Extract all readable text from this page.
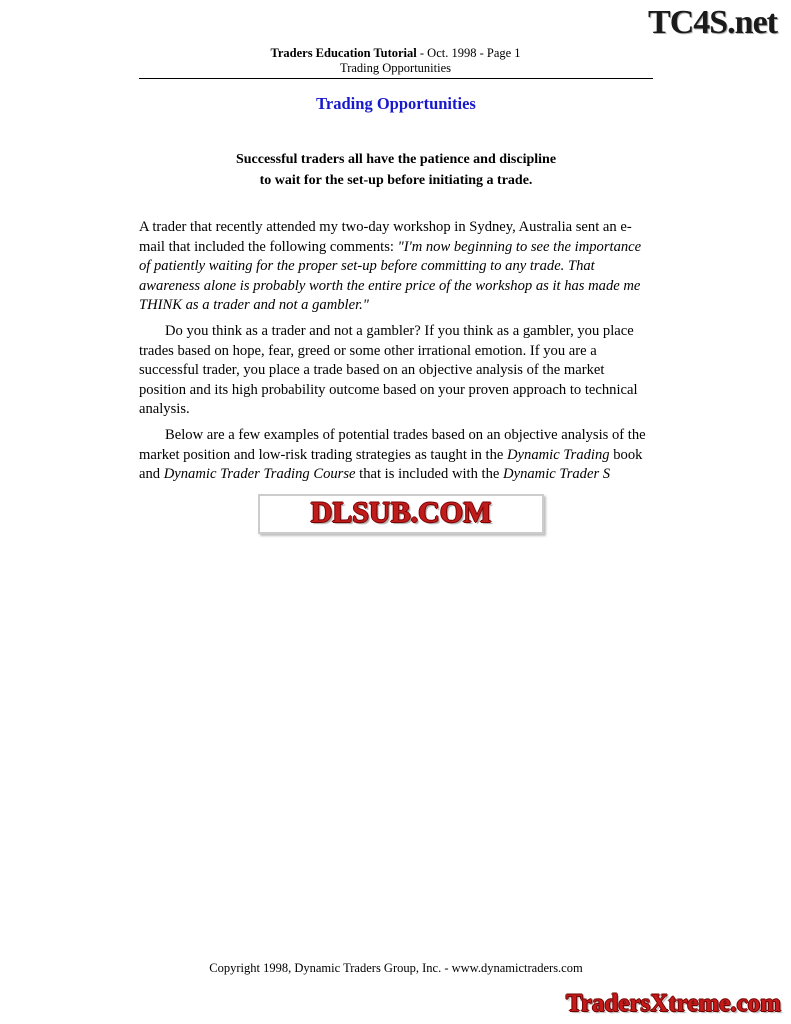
TC4S.net
Traders Education Tutorial - Oct. 1998 - Page 1
Trading Opportunities
Trading Opportunities
Successful traders all have the patience and discipline
to wait for the set-up before initiating a trade.

A trader that recently attended my two-day workshop in Sydney, Australia sent an e-mail that included the following comments: "I'm now beginning to see the importance of patiently waiting for the proper set-up before committing to any trade. That awareness alone is probably worth the entire price of the workshop as it has made me THINK as a trader and not a gambler."

Do you think as a trader and not a gambler? If you think as a gambler, you place trades based on hope, fear, greed or some other irrational emotion. If you are a successful trader, you place a trade based on an objective analysis of the market position and its high probability outcome based on your proven approach to technical analysis.

Below are a few examples of potential trades based on an objective analysis of the market position and low-risk trading strategies as taught in the Dynamic Trading book and Dynamic Trader Trading Course that is included with the Dynamic Trader S

DLSUB.COM
Copyright 1998, Dynamic Traders Group, Inc. - www.dynamictraders.com
TradersXtreme.com
